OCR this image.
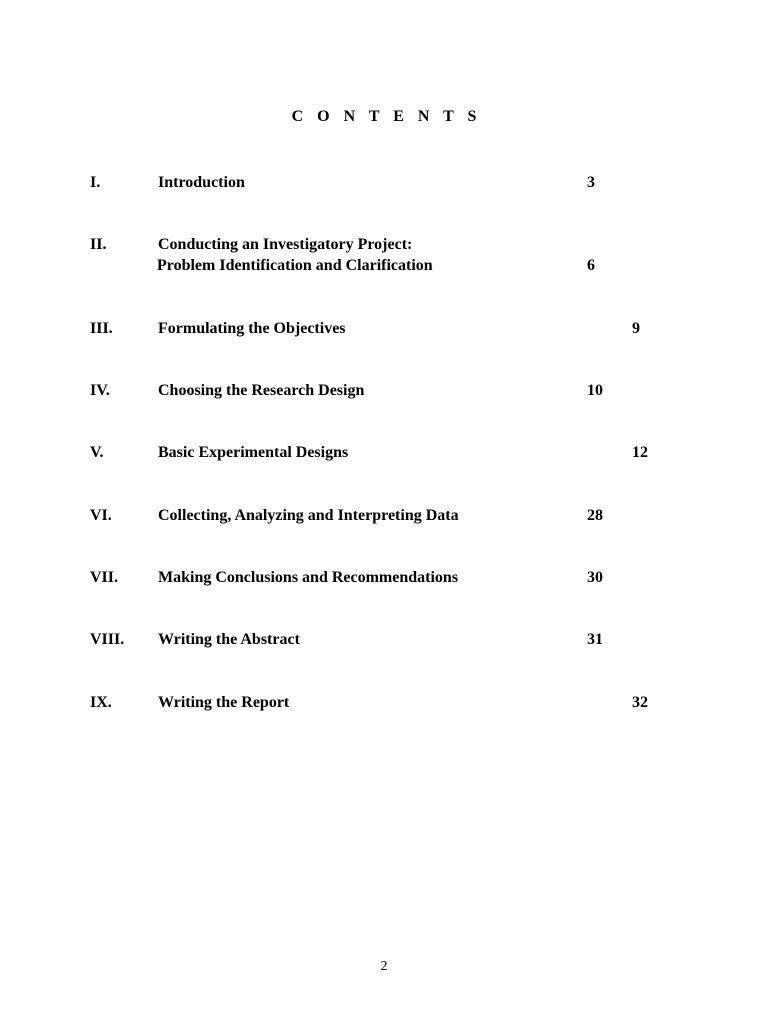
C O N T E N T S
I.	Introduction	3
II.	Conducting an Investigatory Project:
Problem Identification and Clarification	6
III.	Formulating the Objectives	9
IV.	Choosing the Research Design	10
V.	Basic Experimental Designs	12
VI.	Collecting, Analyzing and Interpreting Data	28
VII. Making Conclusions and Recommendations	30
VIII. Writing the Abstract	31
IX.	Writing the Report	32
2
